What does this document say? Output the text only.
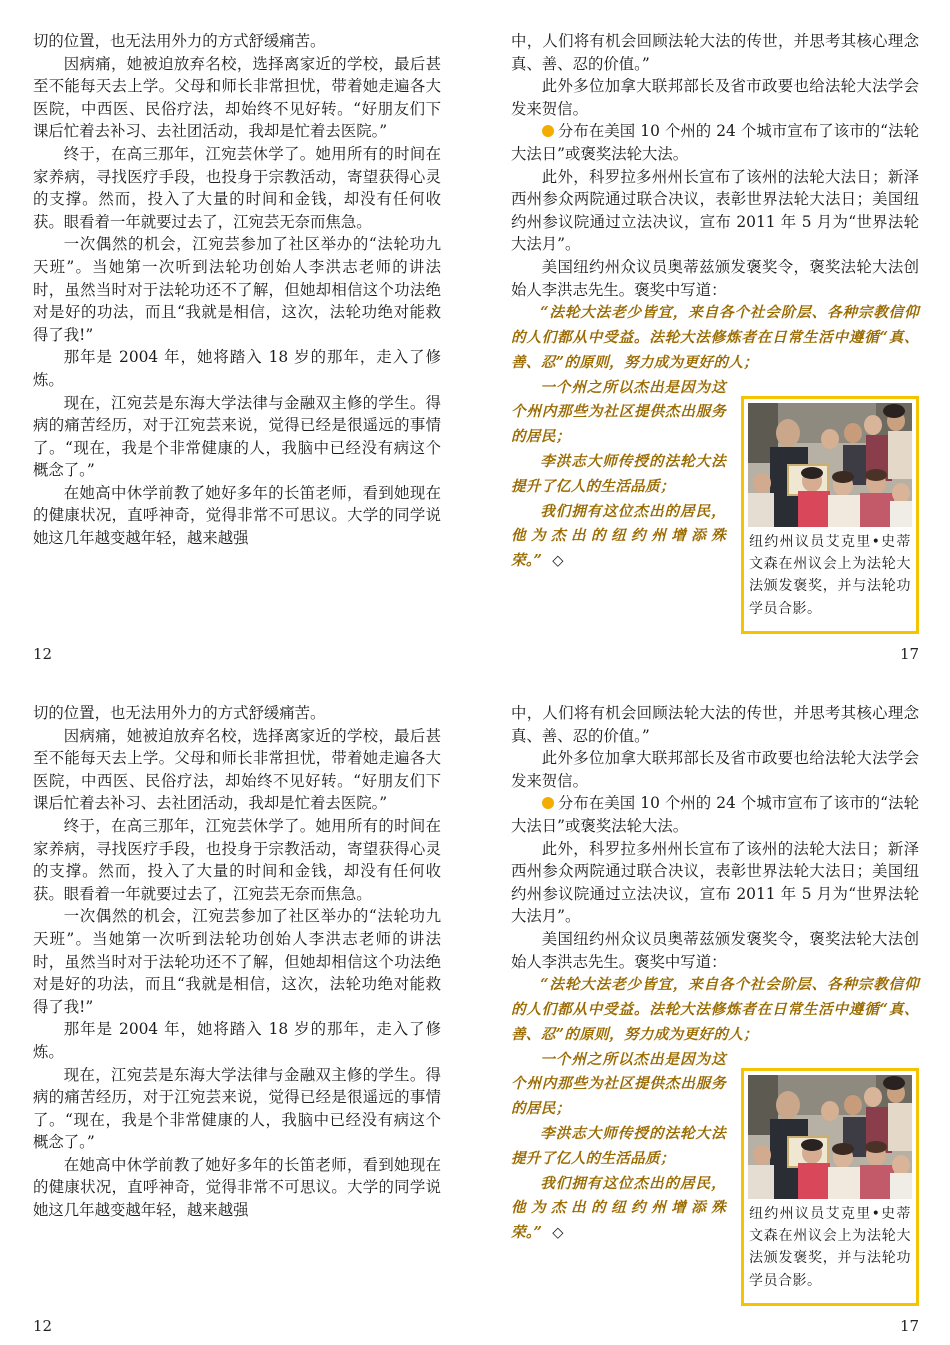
切的位置，也无法用外力的方式舒缓痛苦。

因病痛，她被迫放弃名校，选择离家近的学校，最后甚至不能每天去上学。父母和师长非常担忧，带着她走遍各大医院，中西医、民俗疗法，却始终不见好转。“好朋友们下课后忙着去补习、去社团活动，我却是忙着去医院。”

终于，在高三那年，江宛芸休学了。她用所有的时间在家养病，寻找医疗手段，也投身于宗教活动，寄望获得心灵的支撑。然而，投入了大量的时间和金钱，却没有任何收获。眼看着一年就要过去了，江宛芸无奈而焦急。

一次偶然的机会，江宛芸参加了社区举办的“法轮功九天班”。当她第一次听到法轮功创始人李洪志老师的讲法时，虽然当时对于法轮功还不了解，但她却相信这个功法绝对是好的功法，而且“我就是相信，这次，法轮功绝对能救得了我!”

那年是 2004 年，她将踏入 18 岁的那年，走入了修炼。

现在，江宛芸是东海大学法律与金融双主修的学生。得病的痛苦经历，对于江宛芸来说，觉得已经是很遥远的事情了。“现在，我是个非常健康的人，我脑中已经没有病这个概念了。”

在她高中休学前教了她好多年的长笛老师，看到她现在的健康状况，直呼神奇，觉得非常不可思议。大学的同学说她这几年越变越年轻，越来越强

中，人们将有机会回顾法轮大法的传世，并思考其核心理念真、善、忍的价值。”

此外多位加拿大联邦部长及省市政要也给法轮大法学会发来贺信。

分布在美国 10 个州的 24 个城市宣布了该市的“法轮大法日”或褒奖法轮大法。

此外，科罗拉多州州长宣布了该州的法轮大法日；新泽西州参众两院通过联合决议，表彰世界法轮大法日；美国纽约州参议院通过立法决议，宣布 2011 年 5 月为“世界法轮大法月”。

美国纽约州众议员奥蒂兹颁发褒奖令，褒奖法轮大法创始人李洪志先生。褒奖中写道：

“法轮大法老少皆宜，来自各个社会阶层、各种宗教信仰的人们都从中受益。法轮大法修炼者在日常生活中遵循“真、善、忍”的原则，努力成为更好的人；

一个州之所以杰出是因为这个州内那些为社区提供杰出服务的居民；

李洪志大师传授的法轮大法提升了亿人的生活品质；

我们拥有这位杰出的居民，他为杰出的纽约州增添殊荣。” ◇

纽约州议员艾克里•史蒂文森在州议会上为法轮大法颁发褒奖，并与法轮功学员合影。
12	17

切的位置，也无法用外力的方式舒缓痛苦。

因病痛，她被迫放弃名校，选择离家近的学校，最后甚至不能每天去上学。父母和师长非常担忧，带着她走遍各大医院，中西医、民俗疗法，却始终不见好转。“好朋友们下课后忙着去补习、去社团活动，我却是忙着去医院。”

终于，在高三那年，江宛芸休学了。她用所有的时间在家养病，寻找医疗手段，也投身于宗教活动，寄望获得心灵的支撑。然而，投入了大量的时间和金钱，却没有任何收获。眼看着一年就要过去了，江宛芸无奈而焦急。

一次偶然的机会，江宛芸参加了社区举办的“法轮功九天班”。当她第一次听到法轮功创始人李洪志老师的讲法时，虽然当时对于法轮功还不了解，但她却相信这个功法绝对是好的功法，而且“我就是相信，这次，法轮功绝对能救得了我!”

那年是 2004 年，她将踏入 18 岁的那年，走入了修炼。

现在，江宛芸是东海大学法律与金融双主修的学生。得病的痛苦经历，对于江宛芸来说，觉得已经是很遥远的事情了。“现在，我是个非常健康的人，我脑中已经没有病这个概念了。”

在她高中休学前教了她好多年的长笛老师，看到她现在的健康状况，直呼神奇，觉得非常不可思议。大学的同学说她这几年越变越年轻，越来越强

中，人们将有机会回顾法轮大法的传世，并思考其核心理念真、善、忍的价值。”

此外多位加拿大联邦部长及省市政要也给法轮大法学会发来贺信。

分布在美国 10 个州的 24 个城市宣布了该市的“法轮大法日”或褒奖法轮大法。

此外，科罗拉多州州长宣布了该州的法轮大法日；新泽西州参众两院通过联合决议，表彰世界法轮大法日；美国纽约州参议院通过立法决议，宣布 2011 年 5 月为“世界法轮大法月”。

美国纽约州众议员奥蒂兹颁发褒奖令，褒奖法轮大法创始人李洪志先生。褒奖中写道：

“法轮大法老少皆宜，来自各个社会阶层、各种宗教信仰的人们都从中受益。法轮大法修炼者在日常生活中遵循“真、善、忍”的原则，努力成为更好的人；

一个州之所以杰出是因为这个州内那些为社区提供杰出服务的居民；

李洪志大师传授的法轮大法提升了亿人的生活品质；

我们拥有这位杰出的居民，他为杰出的纽约州增添殊荣。” ◇

纽约州议员艾克里•史蒂文森在州议会上为法轮大法颁发褒奖，并与法轮功学员合影。
12	17
